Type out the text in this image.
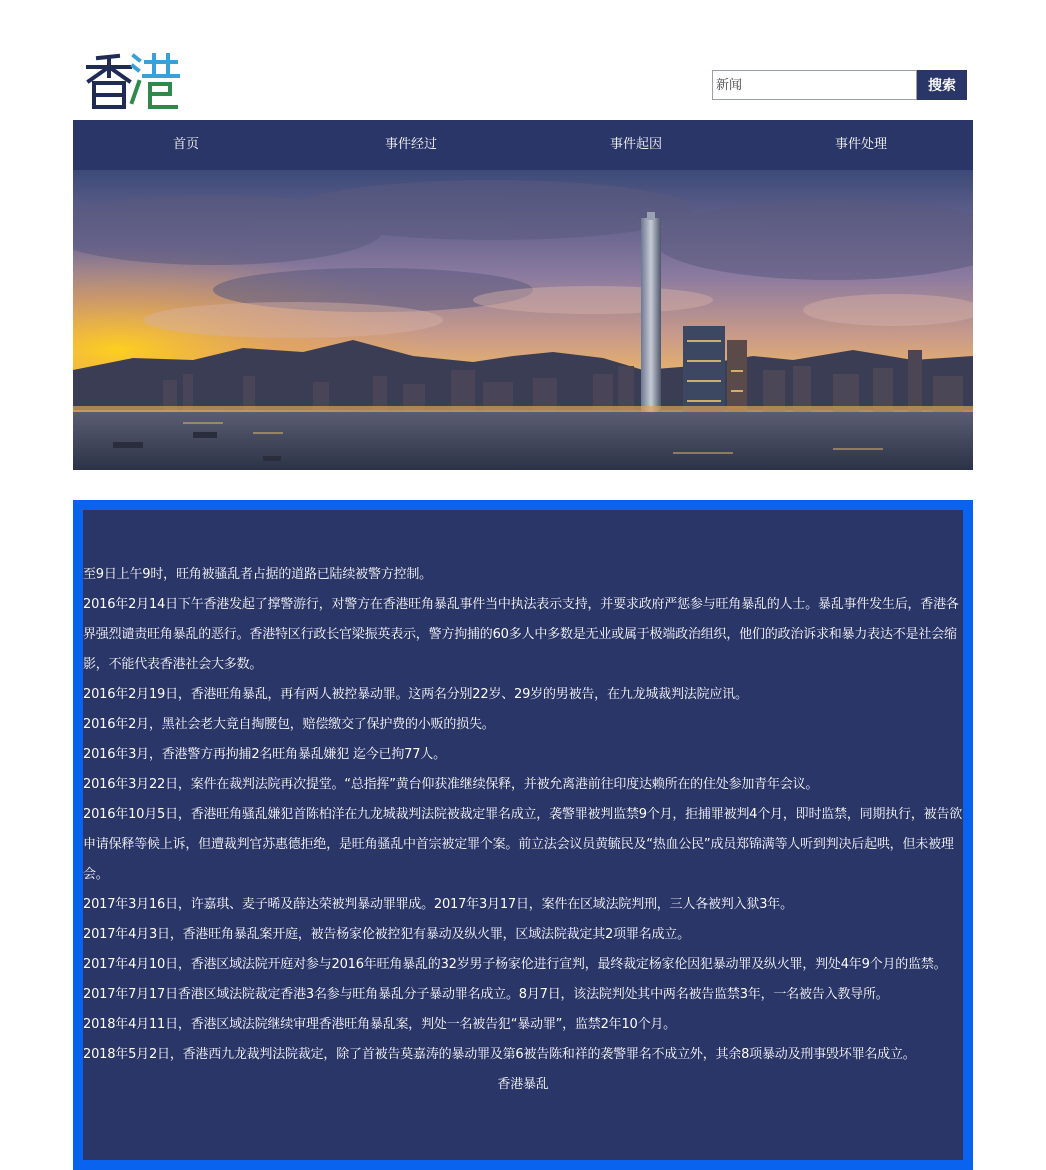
新闻
搜索
首页	事件经过	事件起因	事件处理

至9日上午9时，旺角被骚乱者占据的道路已陆续被警方控制。

2016年2月14日下午香港发起了撑警游行，对警方在香港旺角暴乱事件当中执法表示支持，并要求政府严惩参与旺角暴乱的人士。暴乱事件发生后，香港各界强烈谴责旺角暴乱的恶行。香港特区行政长官梁振英表示，警方拘捕的60多人中多数是无业或属于极端政治组织，他们的政治诉求和暴力表达不是社会缩影，不能代表香港社会大多数。

2016年2月19日，香港旺角暴乱，再有两人被控暴动罪。这两名分别22岁、29岁的男被告，在九龙城裁判法院应讯。

2016年2月，黑社会老大竟自掏腰包，赔偿缴交了保护费的小贩的损失。

2016年3月，香港警方再拘捕2名旺角暴乱嫌犯 迄今已拘77人。

2016年3月22日，案件在裁判法院再次提堂。“总指挥”黄台仰获准继续保释，并被允离港前往印度达赖所在的住处参加青年会议。

2016年10月5日，香港旺角骚乱嫌犯首陈柏洋在九龙城裁判法院被裁定罪名成立，袭警罪被判监禁9个月，拒捕罪被判4个月，即时监禁，同期执行，被告欲申请保释等候上诉，但遭裁判官苏惠德拒绝，是旺角骚乱中首宗被定罪个案。前立法会议员黄毓民及“热血公民”成员郑锦满等人听到判决后起哄，但未被理会。

2017年3月16日，许嘉琪、麦子晞及薛达荣被判暴动罪罪成。2017年3月17日，案件在区域法院判刑，三人各被判入狱3年。

2017年4月3日，香港旺角暴乱案开庭，被告杨家伦被控犯有暴动及纵火罪，区域法院裁定其2项罪名成立。

2017年4月10日，香港区域法院开庭对参与2016年旺角暴乱的32岁男子杨家伦进行宣判，最终裁定杨家伦因犯暴动罪及纵火罪，判处4年9个月的监禁。

2017年7月17日香港区域法院裁定香港3名参与旺角暴乱分子暴动罪名成立。8月7日，该法院判处其中两名被告监禁3年，一名被告入教导所。

2018年4月11日，香港区域法院继续审理香港旺角暴乱案，判处一名被告犯“暴动罪”，监禁2年10个月。

2018年5月2日，香港西九龙裁判法院裁定，除了首被告莫嘉涛的暴动罪及第6被告陈和祥的袭警罪名不成立外，其余8项暴动及刑事毁坏罪名成立。

香港暴乱
